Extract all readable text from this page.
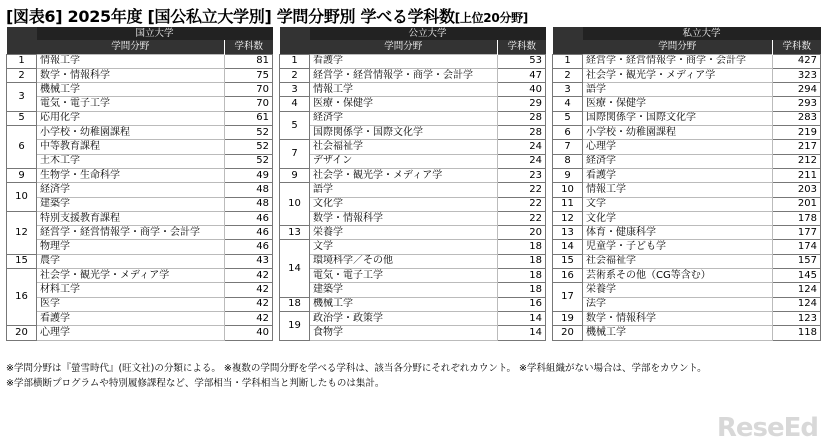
[図表6] 2025年度 [国公私立大学別] 学問分野別 学べる学科数[上位20分野]
	国立大学	
	学問分野	学科数
1	情報工学	81
2	数学・情報科学	75
3	機械工学	70
	電気・電子工学	70
5	応用化学	61
6	小学校・幼稚園課程	52
	中等教育課程	52
	土木工学	52
9	生物学・生命科学	49
10	経済学	48
	建築学	48
12	特別支援教育課程	46
	経営学・経営情報学・商学・会計学	46
	物理学	46
15	農学	43
16	社会学・観光学・メディア学	42
	材料工学	42
	医学	42
	看護学	42
20	心理学	40
	公立大学	
	学問分野	学科数
1	看護学	53
2	経営学・経営情報学・商学・会計学	47
3	情報工学	40
4	医療・保健学	29
5	経済学	28
	国際関係学・国際文化学	28
7	社会福祉学	24
	デザイン	24
9	社会学・観光学・メディア学	23
10	語学	22
	文化学	22
	数学・情報科学	22
13	栄養学	20
14	文学	18
	環境科学／その他	18
	電気・電子工学	18
	建築学	18
18	機械工学	16
19	政治学・政策学	14
	食物学	14
	私立大学	
	学問分野	学科数
1	経営学・経営情報学・商学・会計学	427
2	社会学・観光学・メディア学	323
3	語学	294
4	医療・保健学	293
5	国際関係学・国際文化学	283
6	小学校・幼稚園課程	219
7	心理学	217
8	経済学	212
9	看護学	211
10	情報工学	203
11	文学	201
12	文化学	178
13	体育・健康科学	177
14	児童学・子ども学	174
15	社会福祉学	157
16	芸術系その他（CG等含む）	145
17	栄養学	124
	法学	124
19	数学・情報科学	123
20	機械工学	118
※学問分野は『螢雪時代』(旺文社)の分類による。 ※複数の学問分野を学べる学科は、該当各分野にそれぞれカウント。 ※学科組織がない場合は、学部をカウント。
※学部横断プログラムや特別履修課程など、学部相当・学科相当と判断したものは集計。
ReseEd
